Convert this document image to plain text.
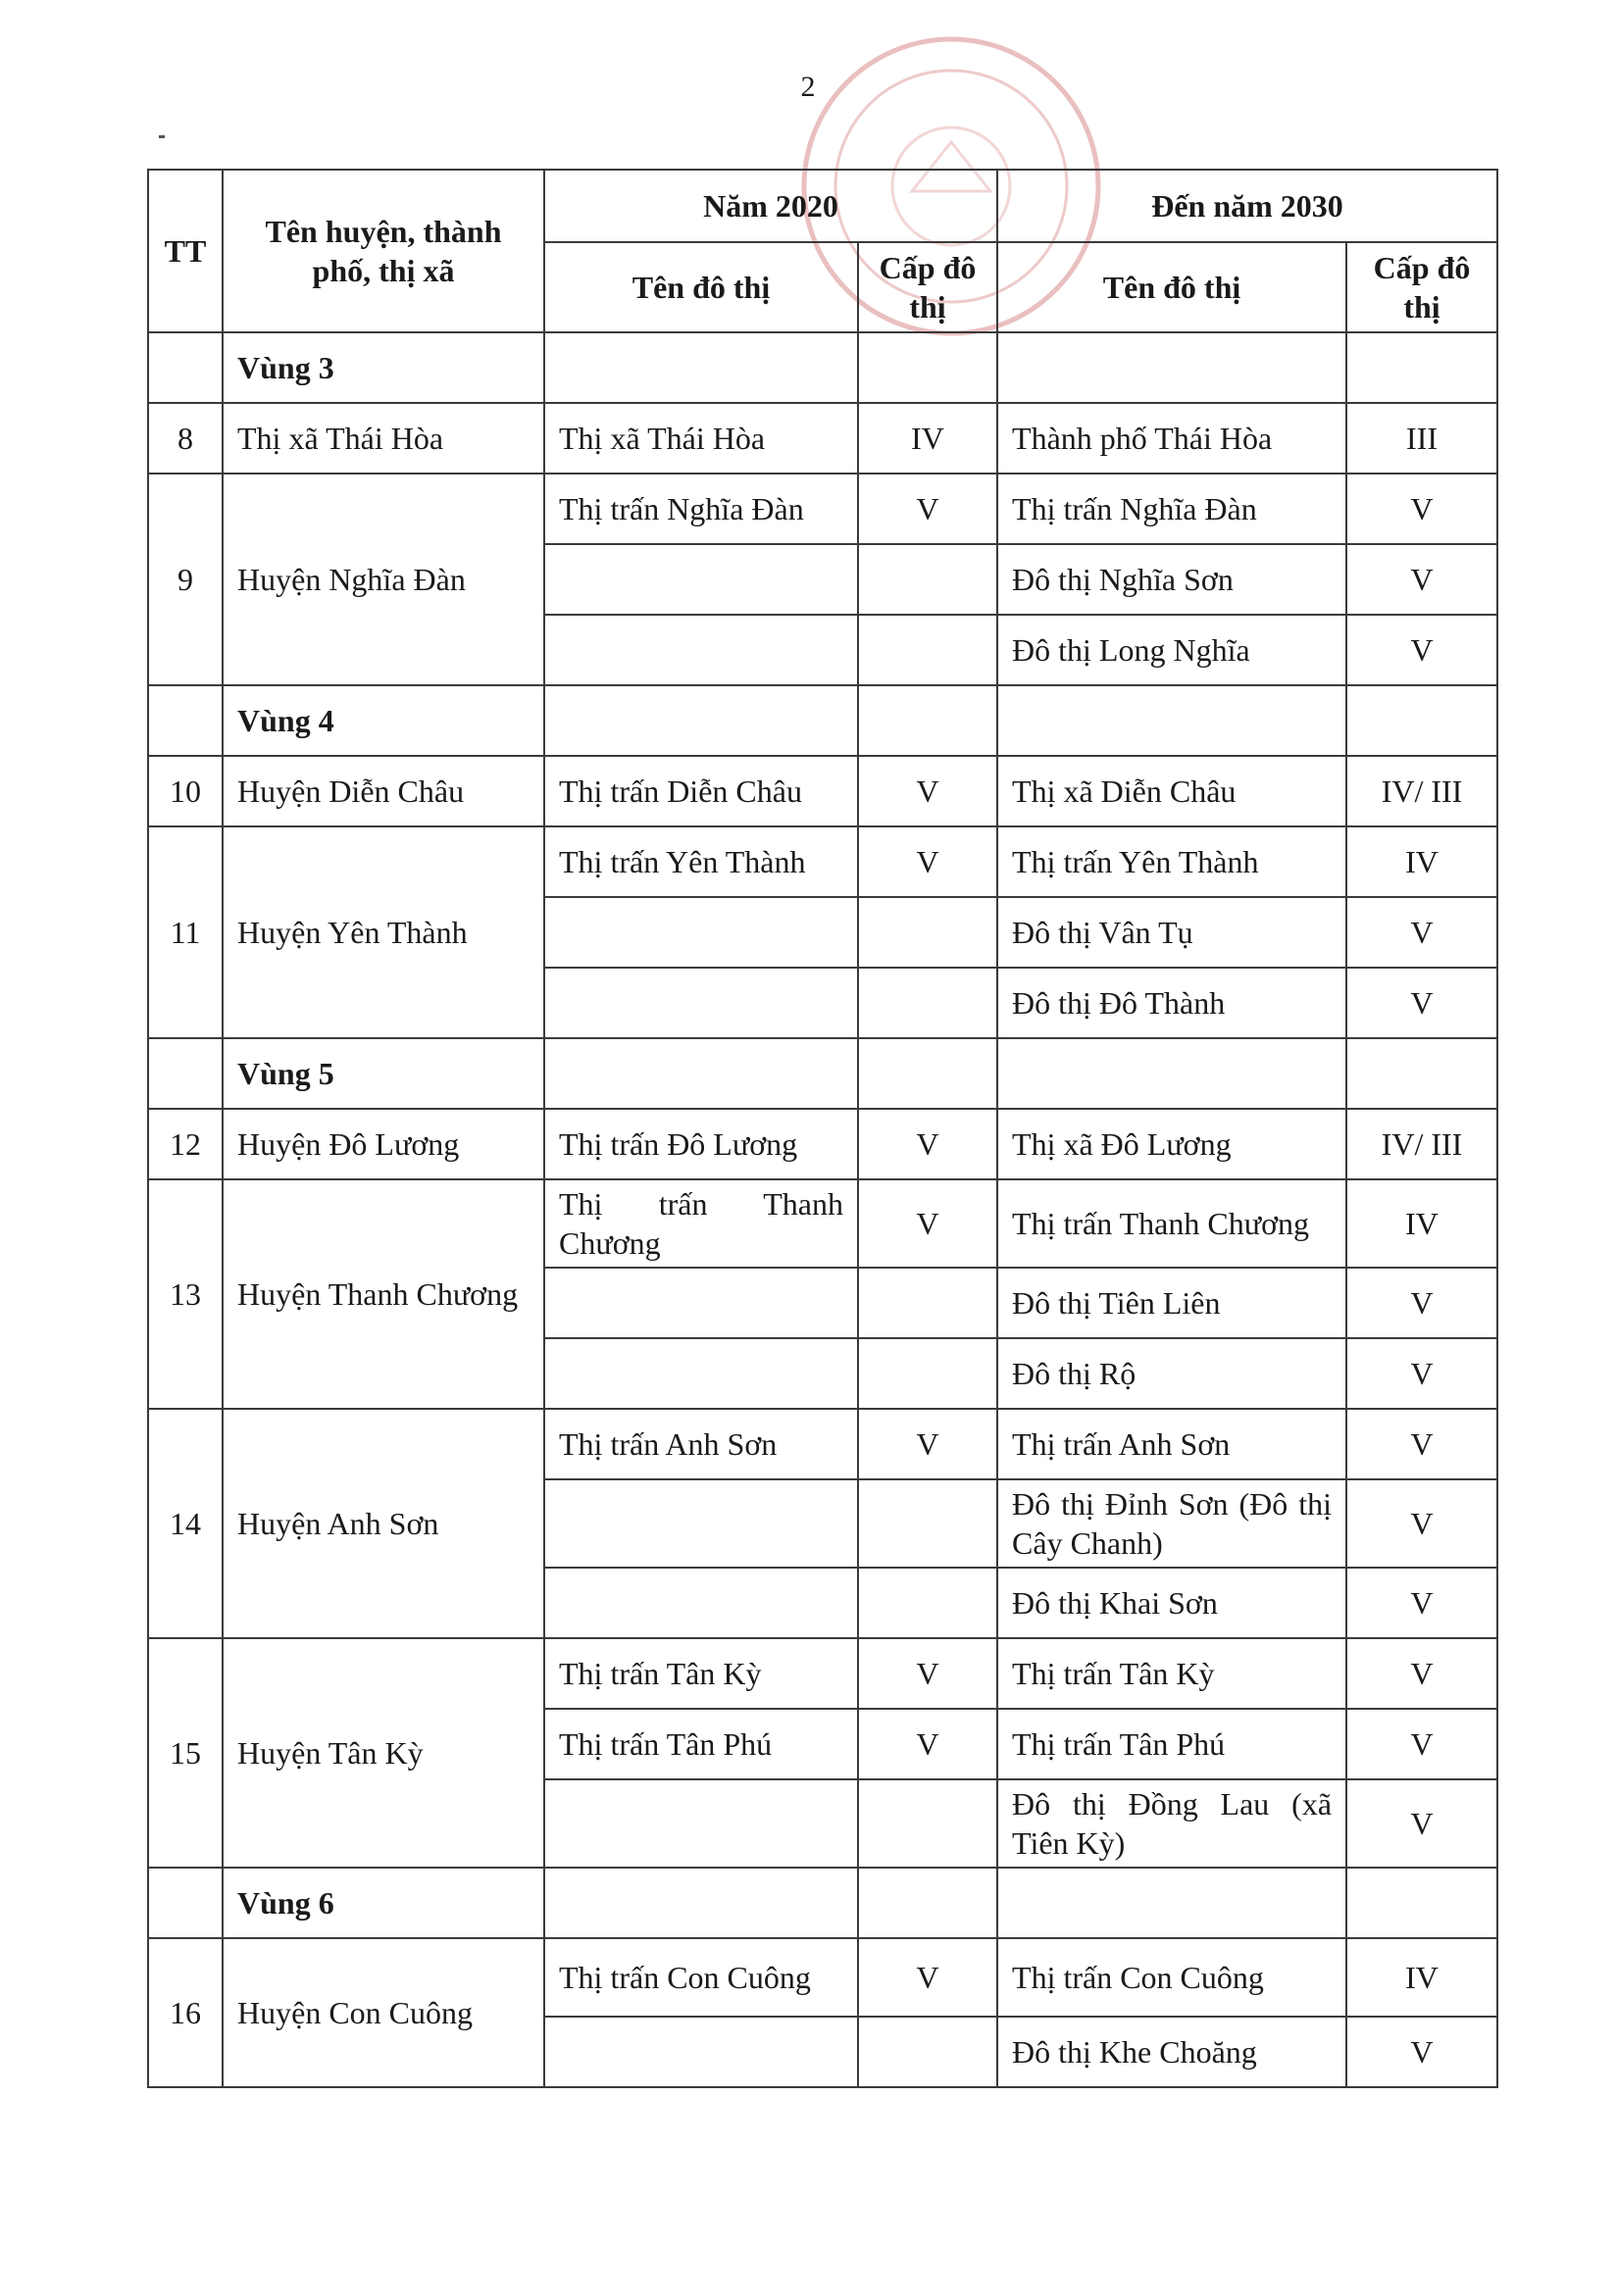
2
TT	Tên huyện, thành phố, thị xã	Năm 2020		Đến năm 2030	
		Tên đô thị	Cấp đô thị	Tên đô thị	Cấp đô thị
	Vùng 3				
8	Thị xã Thái Hòa	Thị xã Thái Hòa	IV	Thành phố Thái Hòa	III
9	Huyện Nghĩa Đàn	Thị trấn Nghĩa Đàn	V	Thị trấn Nghĩa Đàn	V
				Đô thị Nghĩa Sơn	V
				Đô thị Long Nghĩa	V
	Vùng 4				
10	Huyện Diễn Châu	Thị trấn Diễn Châu	V	Thị xã Diễn Châu	IV/ III
11	Huyện Yên Thành	Thị trấn Yên Thành	V	Thị trấn Yên Thành	IV
				Đô thị Vân Tụ	V
				Đô thị Đô Thành	V
	Vùng 5				
12	Huyện Đô Lương	Thị trấn Đô Lương	V	Thị xã Đô Lương	IV/ III
13	Huyện Thanh Chương	Thị trấn Thanh Chương	V	Thị trấn Thanh Chương	IV
				Đô thị Tiên Liên	V
				Đô thị Rộ	V
14	Huyện Anh Sơn	Thị trấn Anh Sơn	V	Thị trấn Anh Sơn	V
				Đô thị Đỉnh Sơn (Đô thị Cây Chanh)	V
				Đô thị Khai Sơn	V
15	Huyện Tân Kỳ	Thị trấn Tân Kỳ	V	Thị trấn Tân Kỳ	V
		Thị trấn Tân Phú	V	Thị trấn Tân Phú	V
				Đô thị Đồng Lau (xã Tiên Kỳ)	V
	Vùng 6				
16	Huyện Con Cuông	Thị trấn Con Cuông	V	Thị trấn Con Cuông	IV
				Đô thị Khe Choăng	V
